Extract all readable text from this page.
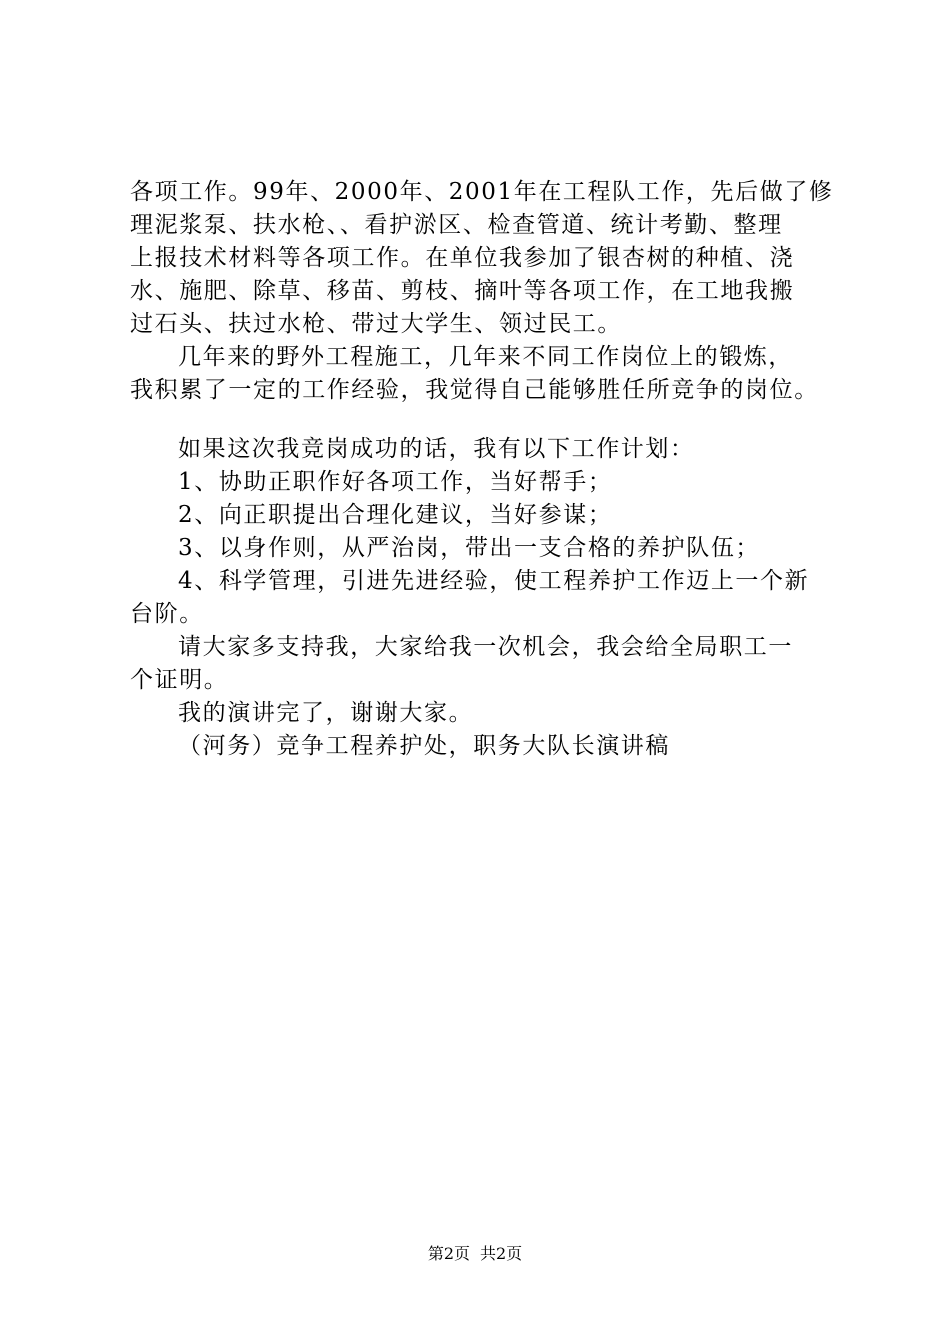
各项工作。99年、2000年、2001年在工程队工作，先后做了修
理泥浆泵、扶水枪、、看护淤区、检查管道、统计考勤、整理
上报技术材料等各项工作。在单位我参加了银杏树的种植、浇
水、施肥、除草、移苗、剪枝、摘叶等各项工作，在工地我搬
过石头、扶过水枪、带过大学生、领过民工。
几年来的野外工程施工，几年来不同工作岗位上的锻炼，
我积累了一定的工作经验，我觉得自己能够胜任所竞争的岗位。
如果这次我竞岗成功的话，我有以下工作计划：
1、协助正职作好各项工作，当好帮手；
2、向正职提出合理化建议，当好参谋；
3、以身作则，从严治岗，带出一支合格的养护队伍；
4、科学管理，引进先进经验，使工程养护工作迈上一个新
台阶。
请大家多支持我，大家给我一次机会，我会给全局职工一
个证明。
我的演讲完了，谢谢大家。
（河务）竞争工程养护处，职务大队长演讲稿
第2页 共2页
